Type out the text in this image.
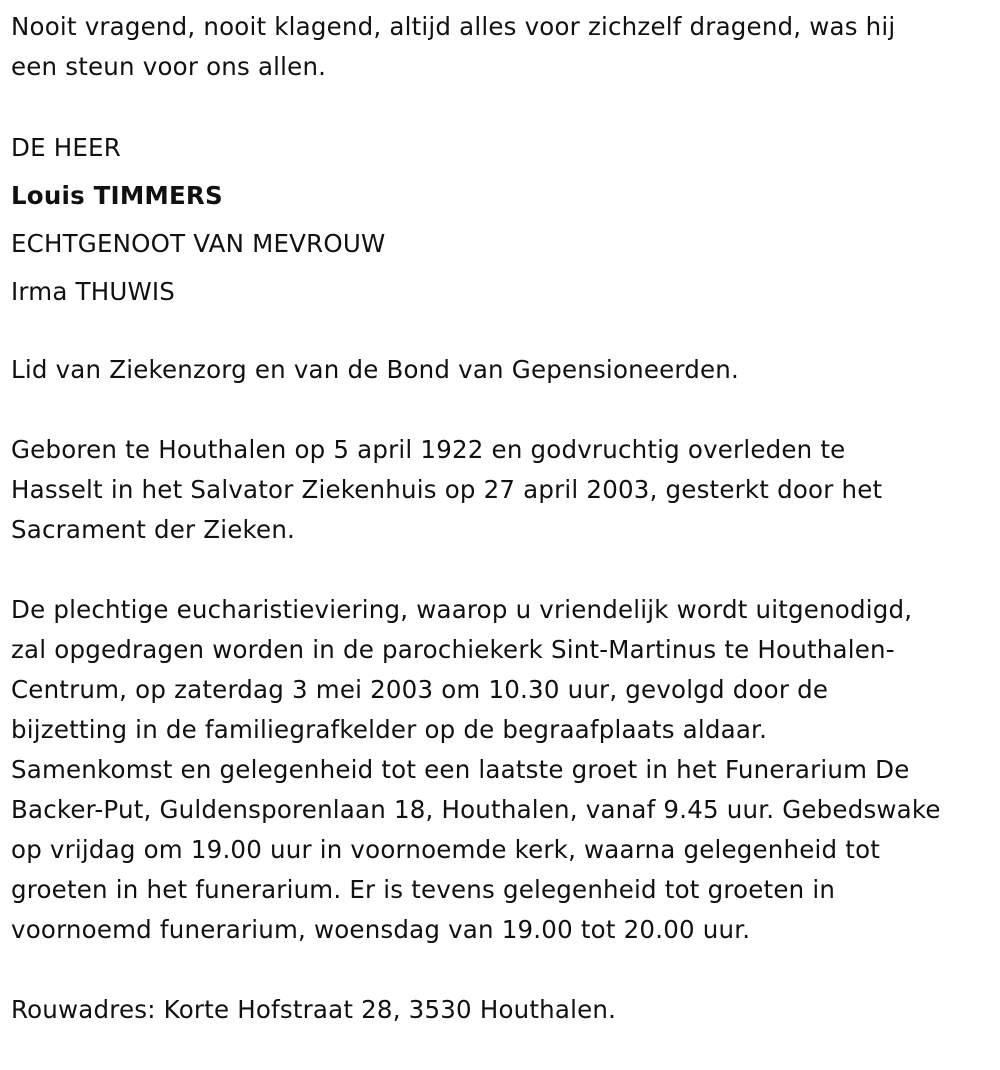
Nooit vragend, nooit klagend, altijd alles voor zichzelf dragend, was hij
een steun voor ons allen.
DE HEER
Louis TIMMERS
ECHTGENOOT VAN MEVROUW
Irma THUWIS
Lid van Ziekenzorg en van de Bond van Gepensioneerden.
Geboren te Houthalen op 5 april 1922 en godvruchtig overleden te
Hasselt in het Salvator Ziekenhuis op 27 april 2003, gesterkt door het
Sacrament der Zieken.
De plechtige eucharistieviering, waarop u vriendelijk wordt uitgenodigd,
zal opgedragen worden in de parochiekerk Sint-Martinus te Houthalen-
Centrum, op zaterdag 3 mei 2003 om 10.30 uur, gevolgd door de
bijzetting in de familiegrafkelder op de begraafplaats aldaar.
Samenkomst en gelegenheid tot een laatste groet in het Funerarium De
Backer-Put, Guldensporenlaan 18, Houthalen, vanaf 9.45 uur. Gebedswake
op vrijdag om 19.00 uur in voornoemde kerk, waarna gelegenheid tot
groeten in het funerarium. Er is tevens gelegenheid tot groeten in
voornoemd funerarium, woensdag van 19.00 tot 20.00 uur.
Rouwadres: Korte Hofstraat 28, 3530 Houthalen.
